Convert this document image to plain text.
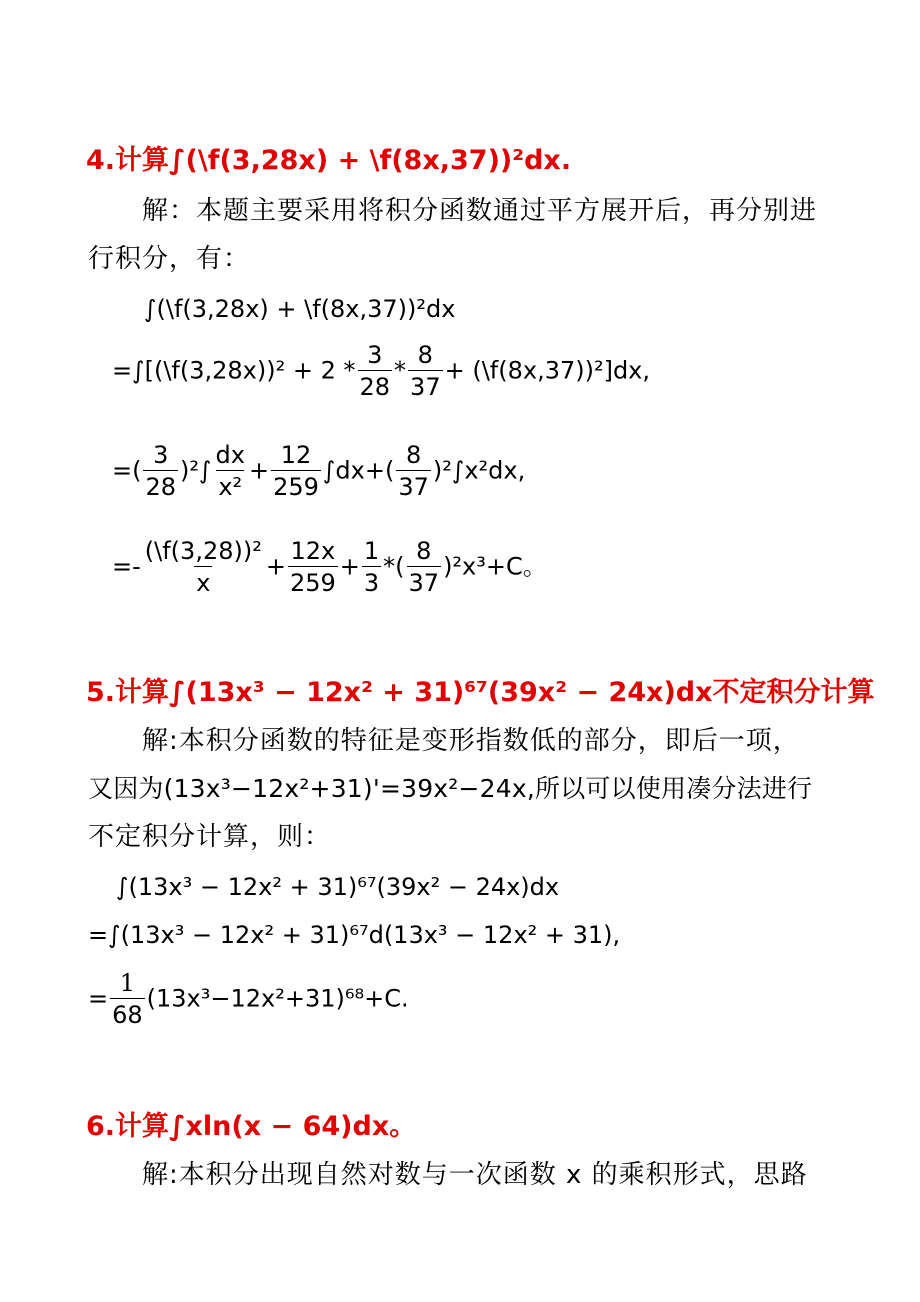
4.计算∫(\f(3,28x) + \f(8x,37))²dx.
解：本题主要采用将积分函数通过平方展开后，再分别进
行积分，有：
∫(\f(3,28x) + \f(8x,37))²dx
=∫[(\f(3,28x))² + $2 * \frac{3}{28} * \frac{8}{37}$ + (\f(8x,37))²]dx,
=( $\frac{3}{28} )^2\int \frac{dx}{\text{x²}} + \frac{12}{259} \int dx+( \frac{8}{37} )^2\int x^2dx$,
=- $\frac{\text{(\textbackslash{}f(3,28))²}}{x} + \frac{12x}{259} + \frac{1}{3}$ *( $\frac{8}{37} )^2x^3+C$。
5.计算∫(13x³ − 12x² + 31)⁶⁷(39x² − 24x)dx不定积分计算
解:本积分函数的特征是变形指数低的部分，即后一项，
又因为(13x³−12x²+31)'=39x²−24x,所以可以使用凑分法进行
不定积分计算，则：
∫(13x³ − 12x² + 31)⁶⁷(39x² − 24x)dx
=∫(13x³ − 12x² + 31)⁶⁷d(13x³ − 12x² + 31),
= $\frac{1}{68} (13x^3-12x^2+31)^{68}+C$.
6.计算∫xln(x − 64)dx。
解:本积分出现自然对数与一次函数 x 的乘积形式，思路
